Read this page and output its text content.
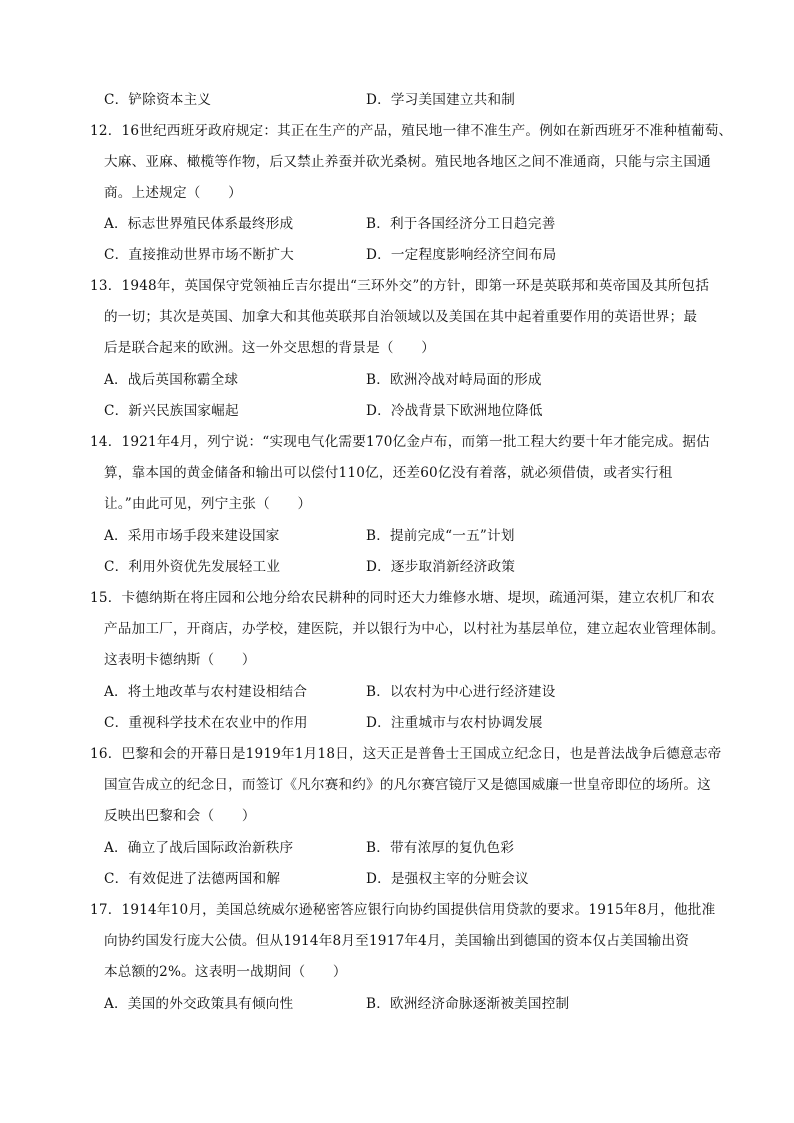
C．铲除资本主义	D．学习美国建立共和制
12．16世纪西班牙政府规定：其正在生产的产品，殖民地一律不准生产。例如在新西班牙不准种植葡萄、
大麻、亚麻、橄榄等作物，后又禁止养蚕并砍光桑树。殖民地各地区之间不准通商，只能与宗主国通
商。上述规定（　　）
A．标志世界殖民体系最终形成	B．利于各国经济分工日趋完善
C．直接推动世界市场不断扩大	D．一定程度影响经济空间布局
13．1948年，英国保守党领袖丘吉尔提出“三环外交”的方针，即第一环是英联邦和英帝国及其所包括
的一切；其次是英国、加拿大和其他英联邦自治领域以及美国在其中起着重要作用的英语世界；最
后是联合起来的欧洲。这一外交思想的背景是（　　）
A．战后英国称霸全球	B．欧洲冷战对峙局面的形成
C．新兴民族国家崛起	D．冷战背景下欧洲地位降低
14．1921年4月，列宁说：“实现电气化需要170亿金卢布，而第一批工程大约要十年才能完成。据估
算，靠本国的黄金储备和输出可以偿付110亿，还差60亿没有着落，就必须借债，或者实行租
让。”由此可见，列宁主张（　　）
A．采用市场手段来建设国家	B．提前完成“一五”计划
C．利用外资优先发展轻工业	D．逐步取消新经济政策
15．卡德纳斯在将庄园和公地分给农民耕种的同时还大力维修水塘、堤坝，疏通河渠，建立农机厂和农
产品加工厂，开商店，办学校，建医院，并以银行为中心，以村社为基层单位，建立起农业管理体制。
这表明卡德纳斯（　　）
A．将土地改革与农村建设相结合	B．以农村为中心进行经济建设
C．重视科学技术在农业中的作用	D．注重城市与农村协调发展
16．巴黎和会的开幕日是1919年1月18日，这天正是普鲁士王国成立纪念日，也是普法战争后德意志帝
国宣告成立的纪念日，而签订《凡尔赛和约》的凡尔赛宫镜厅又是德国威廉一世皇帝即位的场所。这
反映出巴黎和会（　　）
A．确立了战后国际政治新秩序	B．带有浓厚的复仇色彩
C．有效促进了法德两国和解	D．是强权主宰的分赃会议
17．1914年10月，美国总统威尔逊秘密答应银行向协约国提供信用贷款的要求。1915年8月，他批准
向协约国发行庞大公债。但从1914年8月至1917年4月，美国输出到德国的资本仅占美国输出资
本总额的2%。这表明一战期间（　　）
A．美国的外交政策具有倾向性	B．欧洲经济命脉逐渐被美国控制
